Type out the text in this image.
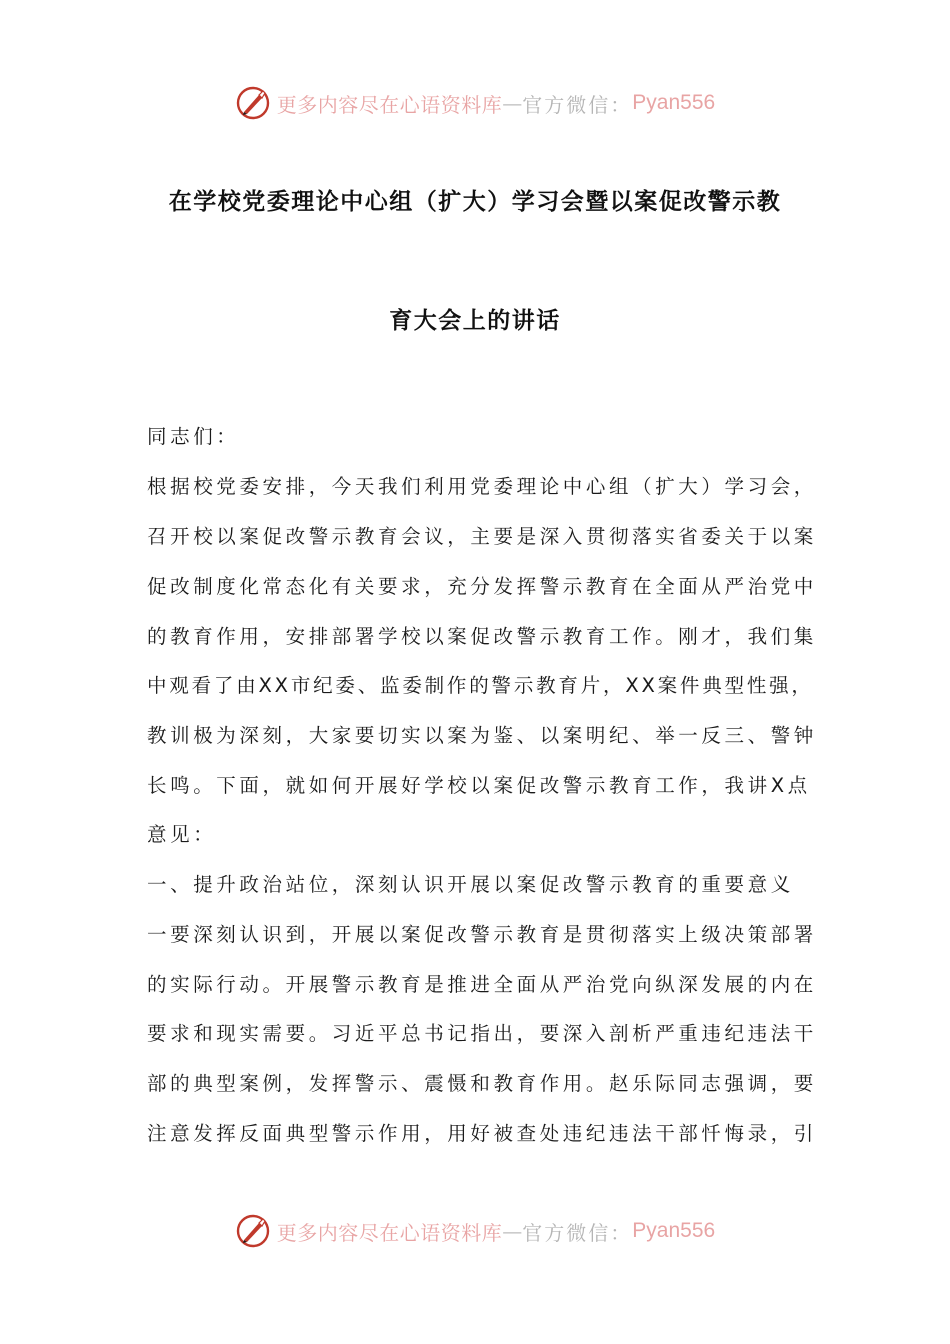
更多内容尽在心语资料库 — 官方微信： Pyan556
在学校党委理论中心组（扩大）学习会暨以案促改警示教
育大会上的讲话

同志们：

根据校党委安排，今天我们利用党委理论中心组（扩大）学习会，

召开校以案促改警示教育会议，主要是深入贯彻落实省委关于以案

促改制度化常态化有关要求，充分发挥警示教育在全面从严治党中

的教育作用，安排部署学校以案促改警示教育工作。刚才，我们集

中观看了由XX市纪委、监委制作的警示教育片，XX案件典型性强，

教训极为深刻，大家要切实以案为鉴、以案明纪、举一反三、警钟

长鸣。下面，就如何开展好学校以案促改警示教育工作，我讲X点

意见：

一、提升政治站位，深刻认识开展以案促改警示教育的重要意义

一要深刻认识到，开展以案促改警示教育是贯彻落实上级决策部署

的实际行动。开展警示教育是推进全面从严治党向纵深发展的内在

要求和现实需要。习近平总书记指出，要深入剖析严重违纪违法干

部的典型案例，发挥警示、震慑和教育作用。赵乐际同志强调，要

注意发挥反面典型警示作用，用好被查处违纪违法干部忏悔录，引

更多内容尽在心语资料库 — 官方微信： Pyan556
